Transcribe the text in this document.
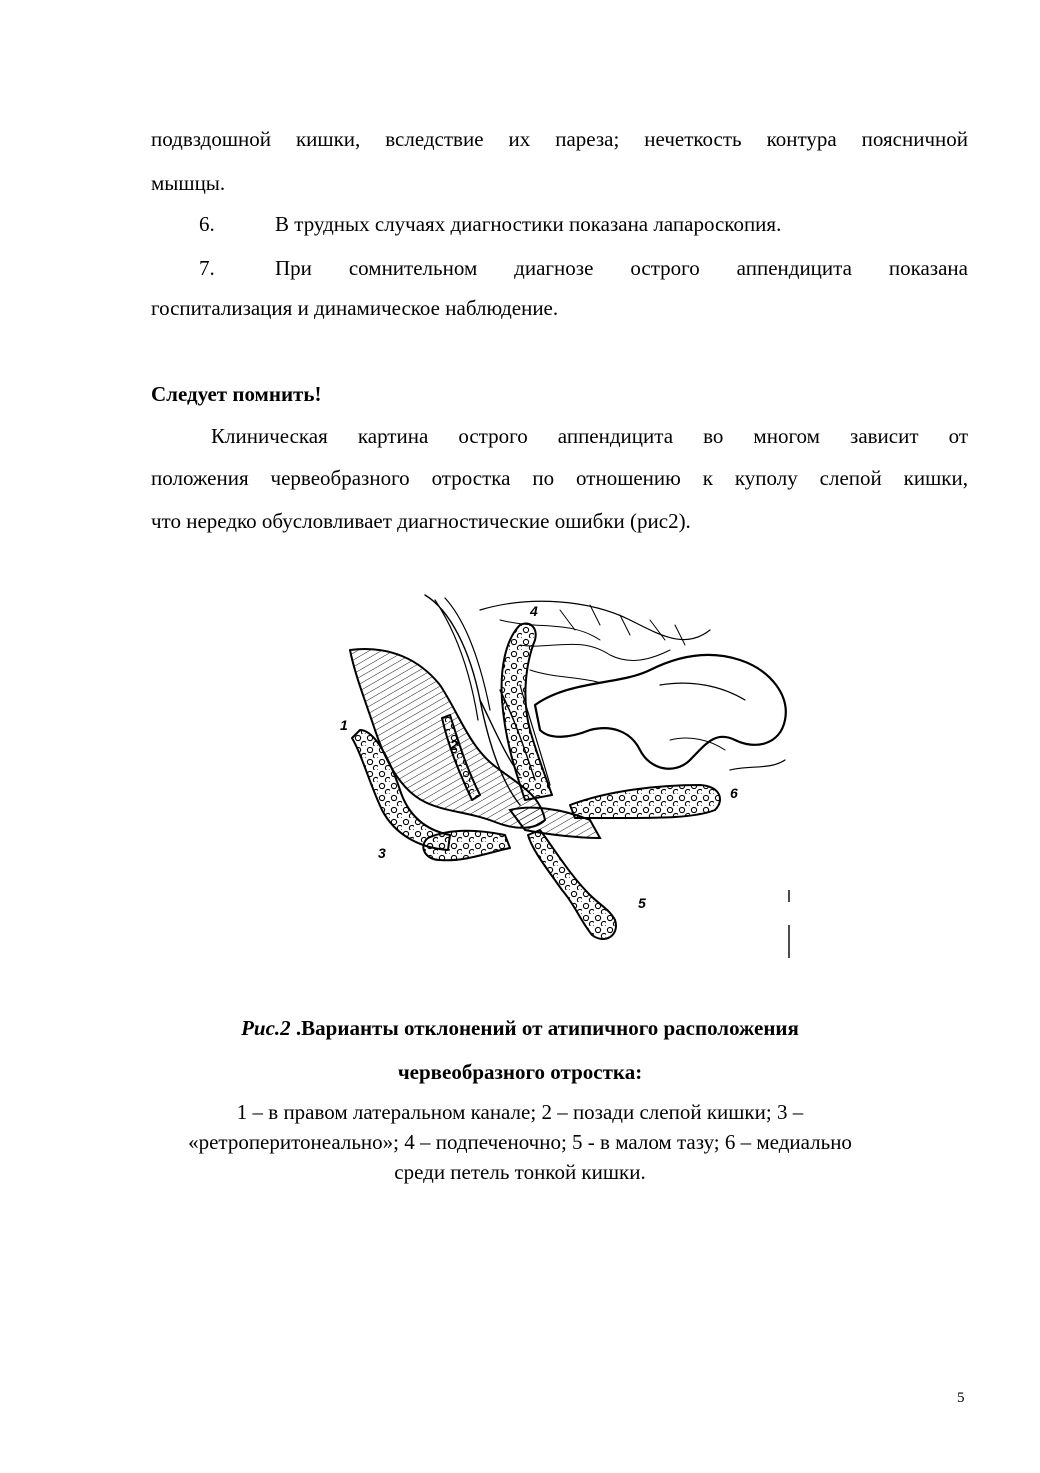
подвздошной кишки, вследствие их пареза; нечеткость контура поясничной
мышцы.
6.	В трудных случаях диагностики показана лапароскопия.
7.	При сомнительном диагнозе острого аппендицита показана
госпитализация и динамическое наблюдение.
Следует помнить!
Клиническая картина острого аппендицита во многом зависит от
положения червеобразного отростка по отношению к куполу слепой кишки,
что нередко обусловливает диагностические ошибки (рис2).
1
2
3
4
5
6
Рис.2 .Варианты отклонений от атипичного расположения
червеобразного отростка:
1 – в правом латеральном канале; 2 – позади слепой кишки; 3 –
«ретроперитонеально»; 4 – подпеченочно; 5 - в малом тазу; 6 – медиально
среди петель тонкой кишки.
5
